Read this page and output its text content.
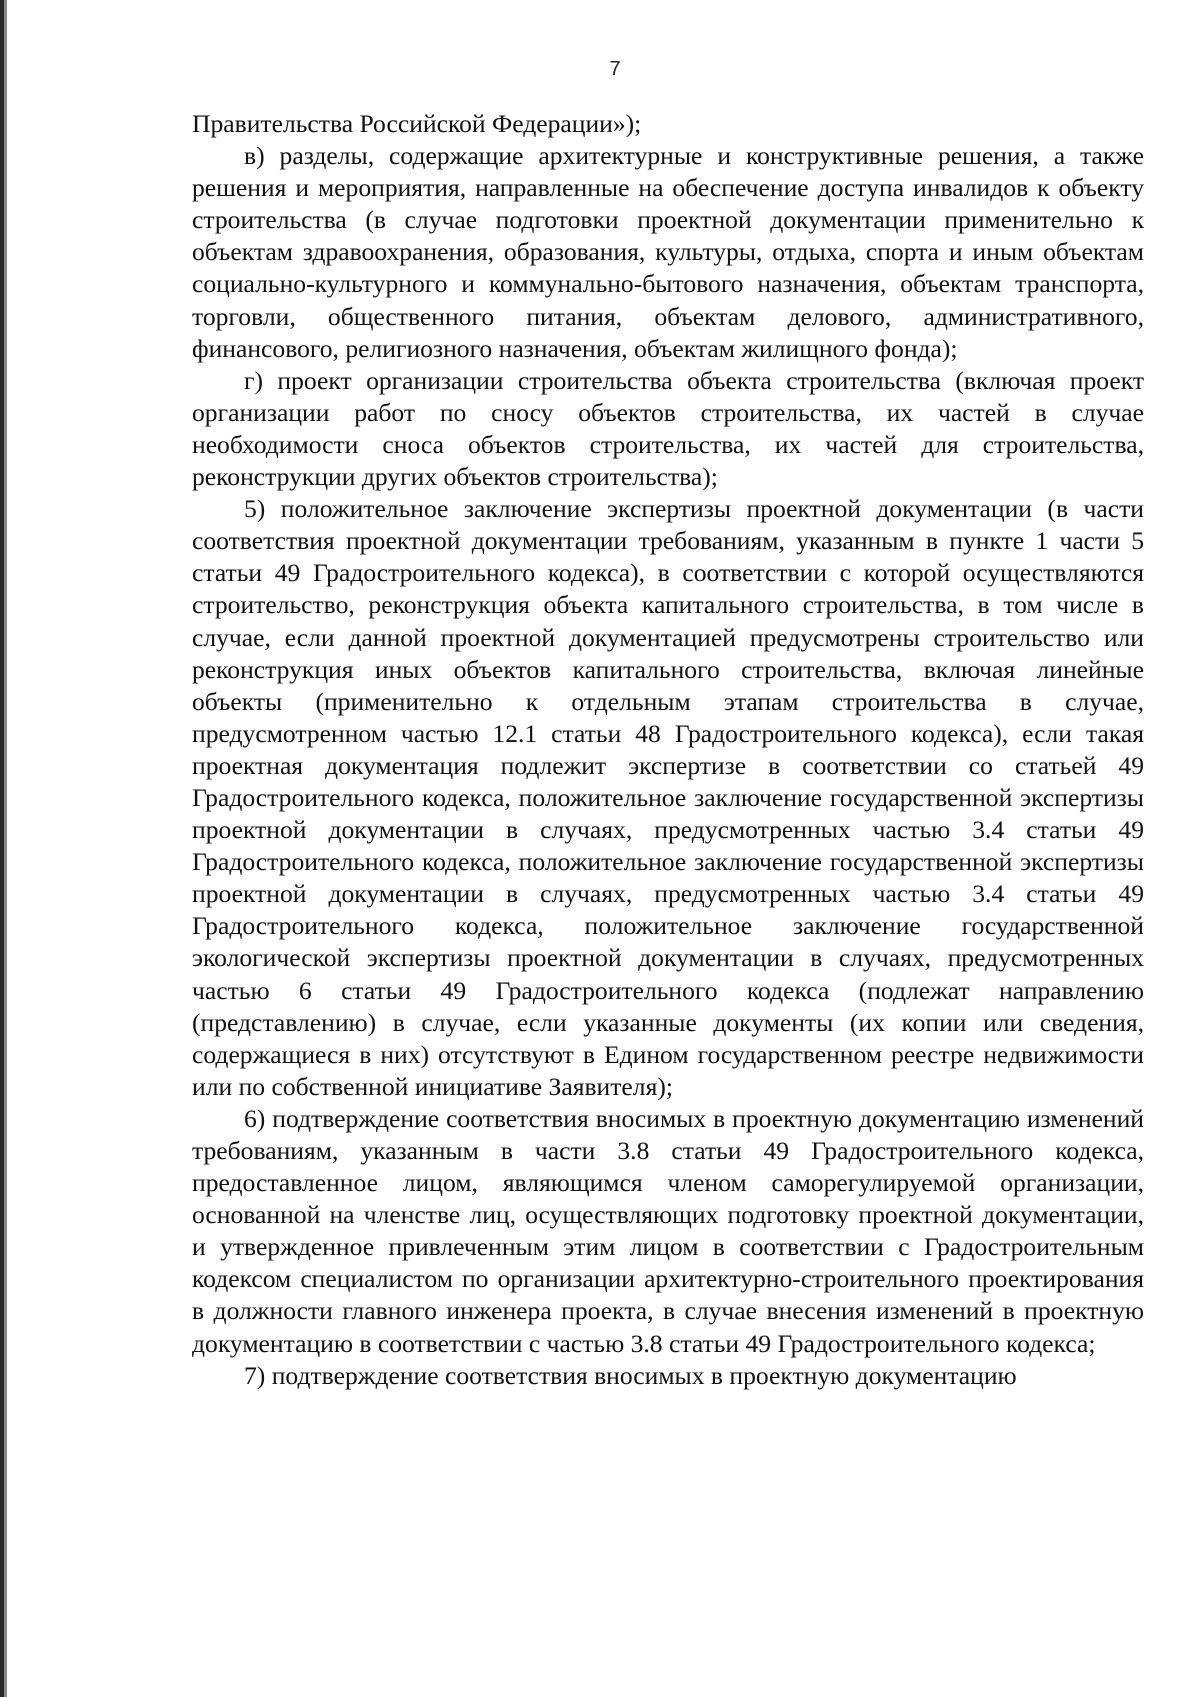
7

Правительства Российской Федерации»);

в) разделы, содержащие архитектурные и конструктивные решения, а также решения и мероприятия, направленные на обеспечение доступа инвалидов к объекту строительства (в случае подготовки проектной документации применительно к объектам здравоохранения, образования, культуры, отдыха, спорта и иным объектам социально-культурного и коммунально-бытового назначения, объектам транспорта, торговли, общественного питания, объектам делового, административного, финансового, религиозного назначения, объектам жилищного фонда);

г) проект организации строительства объекта строительства (включая проект организации работ по сносу объектов строительства, их частей в случае необходимости сноса объектов строительства, их частей для строительства, реконструкции других объектов строительства);

5) положительное заключение экспертизы проектной документации (в части соответствия проектной документации требованиям, указанным в пункте 1 части 5 статьи 49 Градостроительного кодекса), в соответствии с которой осуществляются строительство, реконструкция объекта капитального строительства, в том числе в случае, если данной проектной документацией предусмотрены строительство или реконструкция иных объектов капитального строительства, включая линейные объекты (применительно к отдельным этапам строительства в случае, предусмотренном частью 12.1 статьи 48 Градостроительного кодекса), если такая проектная документация подлежит экспертизе в соответствии со статьей 49 Градостроительного кодекса, положительное заключение государственной экспертизы проектной документации в случаях, предусмотренных частью 3.4 статьи 49 Градостроительного кодекса, положительное заключение государственной экспертизы проектной документации в случаях, предусмотренных частью 3.4 статьи 49 Градостроительного кодекса, положительное заключение государственной экологической экспертизы проектной документации в случаях, предусмотренных частью 6 статьи 49 Градостроительного кодекса (подлежат направлению (представлению) в случае, если указанные документы (их копии или сведения, содержащиеся в них) отсутствуют в Едином государственном реестре недвижимости или по собственной инициативе Заявителя);

6) подтверждение соответствия вносимых в проектную документацию изменений требованиям, указанным в части 3.8 статьи 49 Градостроительного кодекса, предоставленное лицом, являющимся членом саморегулируемой организации, основанной на членстве лиц, осуществляющих подготовку проектной документации, и утвержденное привлеченным этим лицом в соответствии с Градостроительным кодексом специалистом по организации архитектурно-строительного проектирования в должности главного инженера проекта, в случае внесения изменений в проектную документацию в соответствии с частью 3.8 статьи 49 Градостроительного кодекса;

7) подтверждение соответствия вносимых в проектную документацию
